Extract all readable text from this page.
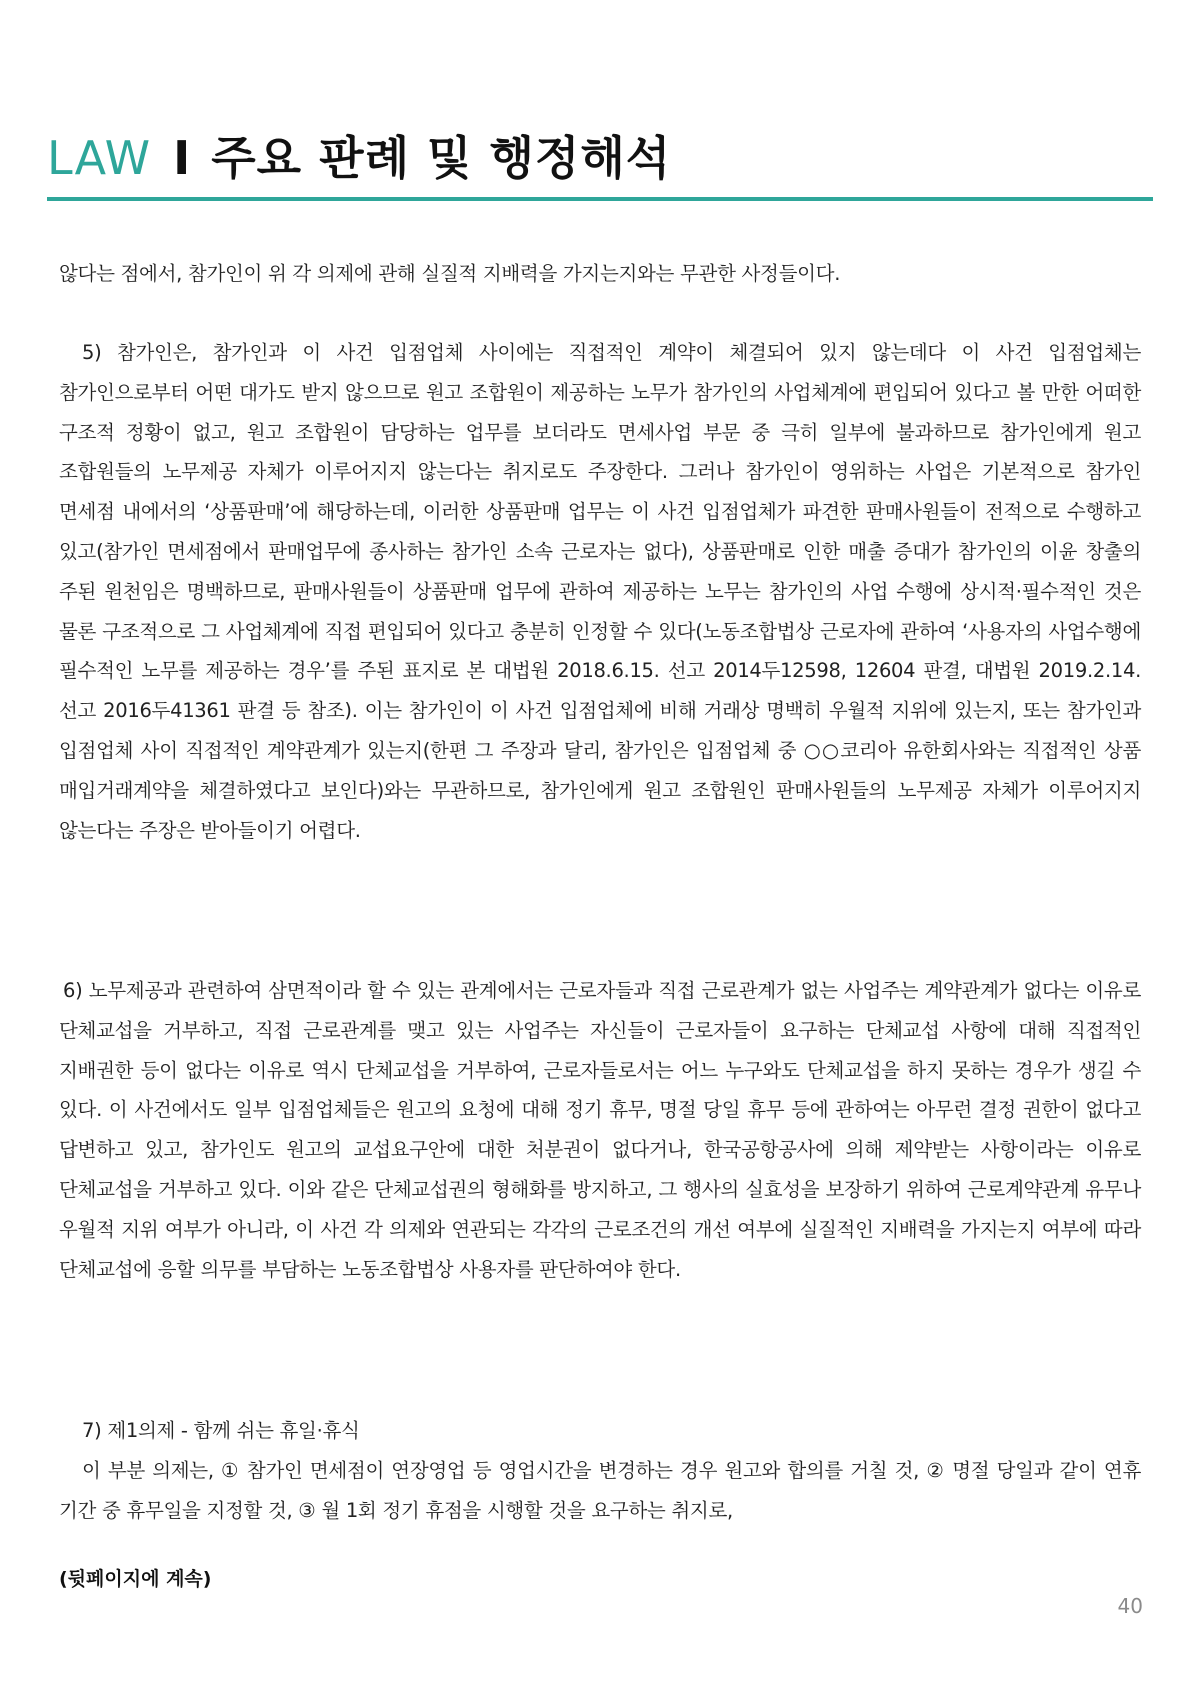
LAW I 주요 판례 및 행정해석
않다는 점에서, 참가인이 위 각 의제에 관해 실질적 지배력을 가지는지와는 무관한 사정들이다.
5) 참가인은, 참가인과 이 사건 입점업체 사이에는 직접적인 계약이 체결되어 있지 않는데다 이 사건 입점업체는 참가인으로부터 어떤 대가도 받지 않으므로 원고 조합원이 제공하는 노무가 참가인의 사업체계에 편입되어 있다고 볼 만한 어떠한 구조적 정황이 없고, 원고 조합원이 담당하는 업무를 보더라도 면세사업 부문 중 극히 일부에 불과하므로 참가인에게 원고 조합원들의 노무제공 자체가 이루어지지 않는다는 취지로도 주장한다. 그러나 참가인이 영위하는 사업은 기본적으로 참가인 면세점 내에서의 ‘상품판매’에 해당하는데, 이러한 상품판매 업무는 이 사건 입점업체가 파견한 판매사원들이 전적으로 수행하고 있고(참가인 면세점에서 판매업무에 종사하는 참가인 소속 근로자는 없다), 상품판매로 인한 매출 증대가 참가인의 이윤 창출의 주된 원천임은 명백하므로, 판매사원들이 상품판매 업무에 관하여 제공하는 노무는 참가인의 사업 수행에 상시적·필수적인 것은 물론 구조적으로 그 사업체계에 직접 편입되어 있다고 충분히 인정할 수 있다(노동조합법상 근로자에 관하여 ‘사용자의 사업수행에 필수적인 노무를 제공하는 경우’를 주된 표지로 본 대법원 2018.6.15. 선고 2014두12598, 12604 판결, 대법원 2019.2.14. 선고 2016두41361 판결 등 참조). 이는 참가인이 이 사건 입점업체에 비해 거래상 명백히 우월적 지위에 있는지, 또는 참가인과 입점업체 사이 직접적인 계약관계가 있는지(한편 그 주장과 달리, 참가인은 입점업체 중 ○○코리아 유한회사와는 직접적인 상품 매입거래계약을 체결하였다고 보인다)와는 무관하므로, 참가인에게 원고 조합원인 판매사원들의 노무제공 자체가 이루어지지 않는다는 주장은 받아들이기 어렵다.
6) 노무제공과 관련하여 삼면적이라 할 수 있는 관계에서는 근로자들과 직접 근로관계가 없는 사업주는 계약관계가 없다는 이유로 단체교섭을 거부하고, 직접 근로관계를 맺고 있는 사업주는 자신들이 근로자들이 요구하는 단체교섭 사항에 대해 직접적인 지배권한 등이 없다는 이유로 역시 단체교섭을 거부하여, 근로자들로서는 어느 누구와도 단체교섭을 하지 못하는 경우가 생길 수 있다. 이 사건에서도 일부 입점업체들은 원고의 요청에 대해 정기 휴무, 명절 당일 휴무 등에 관하여는 아무런 결정 권한이 없다고 답변하고 있고, 참가인도 원고의 교섭요구안에 대한 처분권이 없다거나, 한국공항공사에 의해 제약받는 사항이라는 이유로 단체교섭을 거부하고 있다. 이와 같은 단체교섭권의 형해화를 방지하고, 그 행사의 실효성을 보장하기 위하여 근로계약관계 유무나 우월적 지위 여부가 아니라, 이 사건 각 의제와 연관되는 각각의 근로조건의 개선 여부에 실질적인 지배력을 가지는지 여부에 따라 단체교섭에 응할 의무를 부담하는 노동조합법상 사용자를 판단하여야 한다.
7) 제1의제 - 함께 쉬는 휴일·휴식
이 부분 의제는, ① 참가인 면세점이 연장영업 등 영업시간을 변경하는 경우 원고와 합의를 거칠 것, ② 명절 당일과 같이 연휴 기간 중 휴무일을 지정할 것, ③ 월 1회 정기 휴점을 시행할 것을 요구하는 취지로,
(뒷페이지에 계속)
40
